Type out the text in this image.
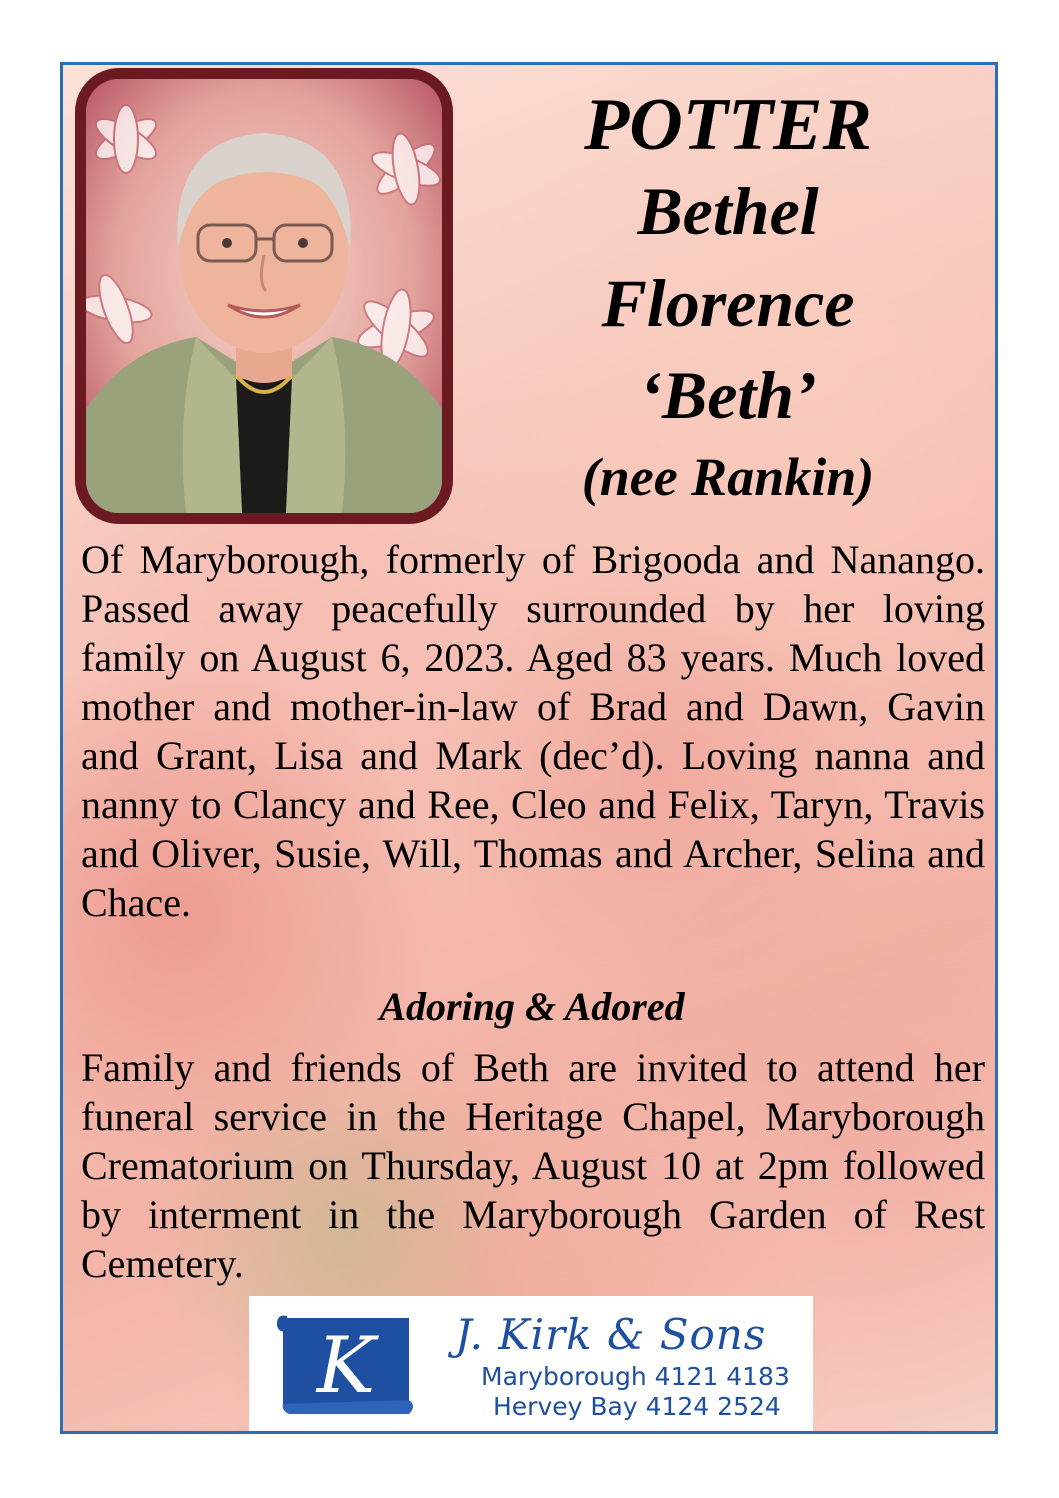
POTTER
Bethel
Florence
‘Beth’
(nee Rankin)

Of Maryborough, formerly of Brigooda and Nanango. Passed away peacefully surrounded by her loving family on August 6, 2023. Aged 83 years. Much loved mother and mother-in-law of Brad and Dawn, Gavin and Grant, Lisa and Mark (dec’d). Loving nanna and nanny to Clancy and Ree, Cleo and Felix, Taryn, Travis and Oliver, Susie, Will, Thomas and Archer, Selina and Chace.

Adoring & Adored

Family and friends of Beth are invited to attend her funeral service in the Heritage Chapel, Maryborough Crematorium on Thursday, August 10 at 2pm followed by interment in the Maryborough Garden of Rest Cemetery.

K J. Kirk & Sons
Maryborough 4121 4183
Hervey Bay 4124 2524
